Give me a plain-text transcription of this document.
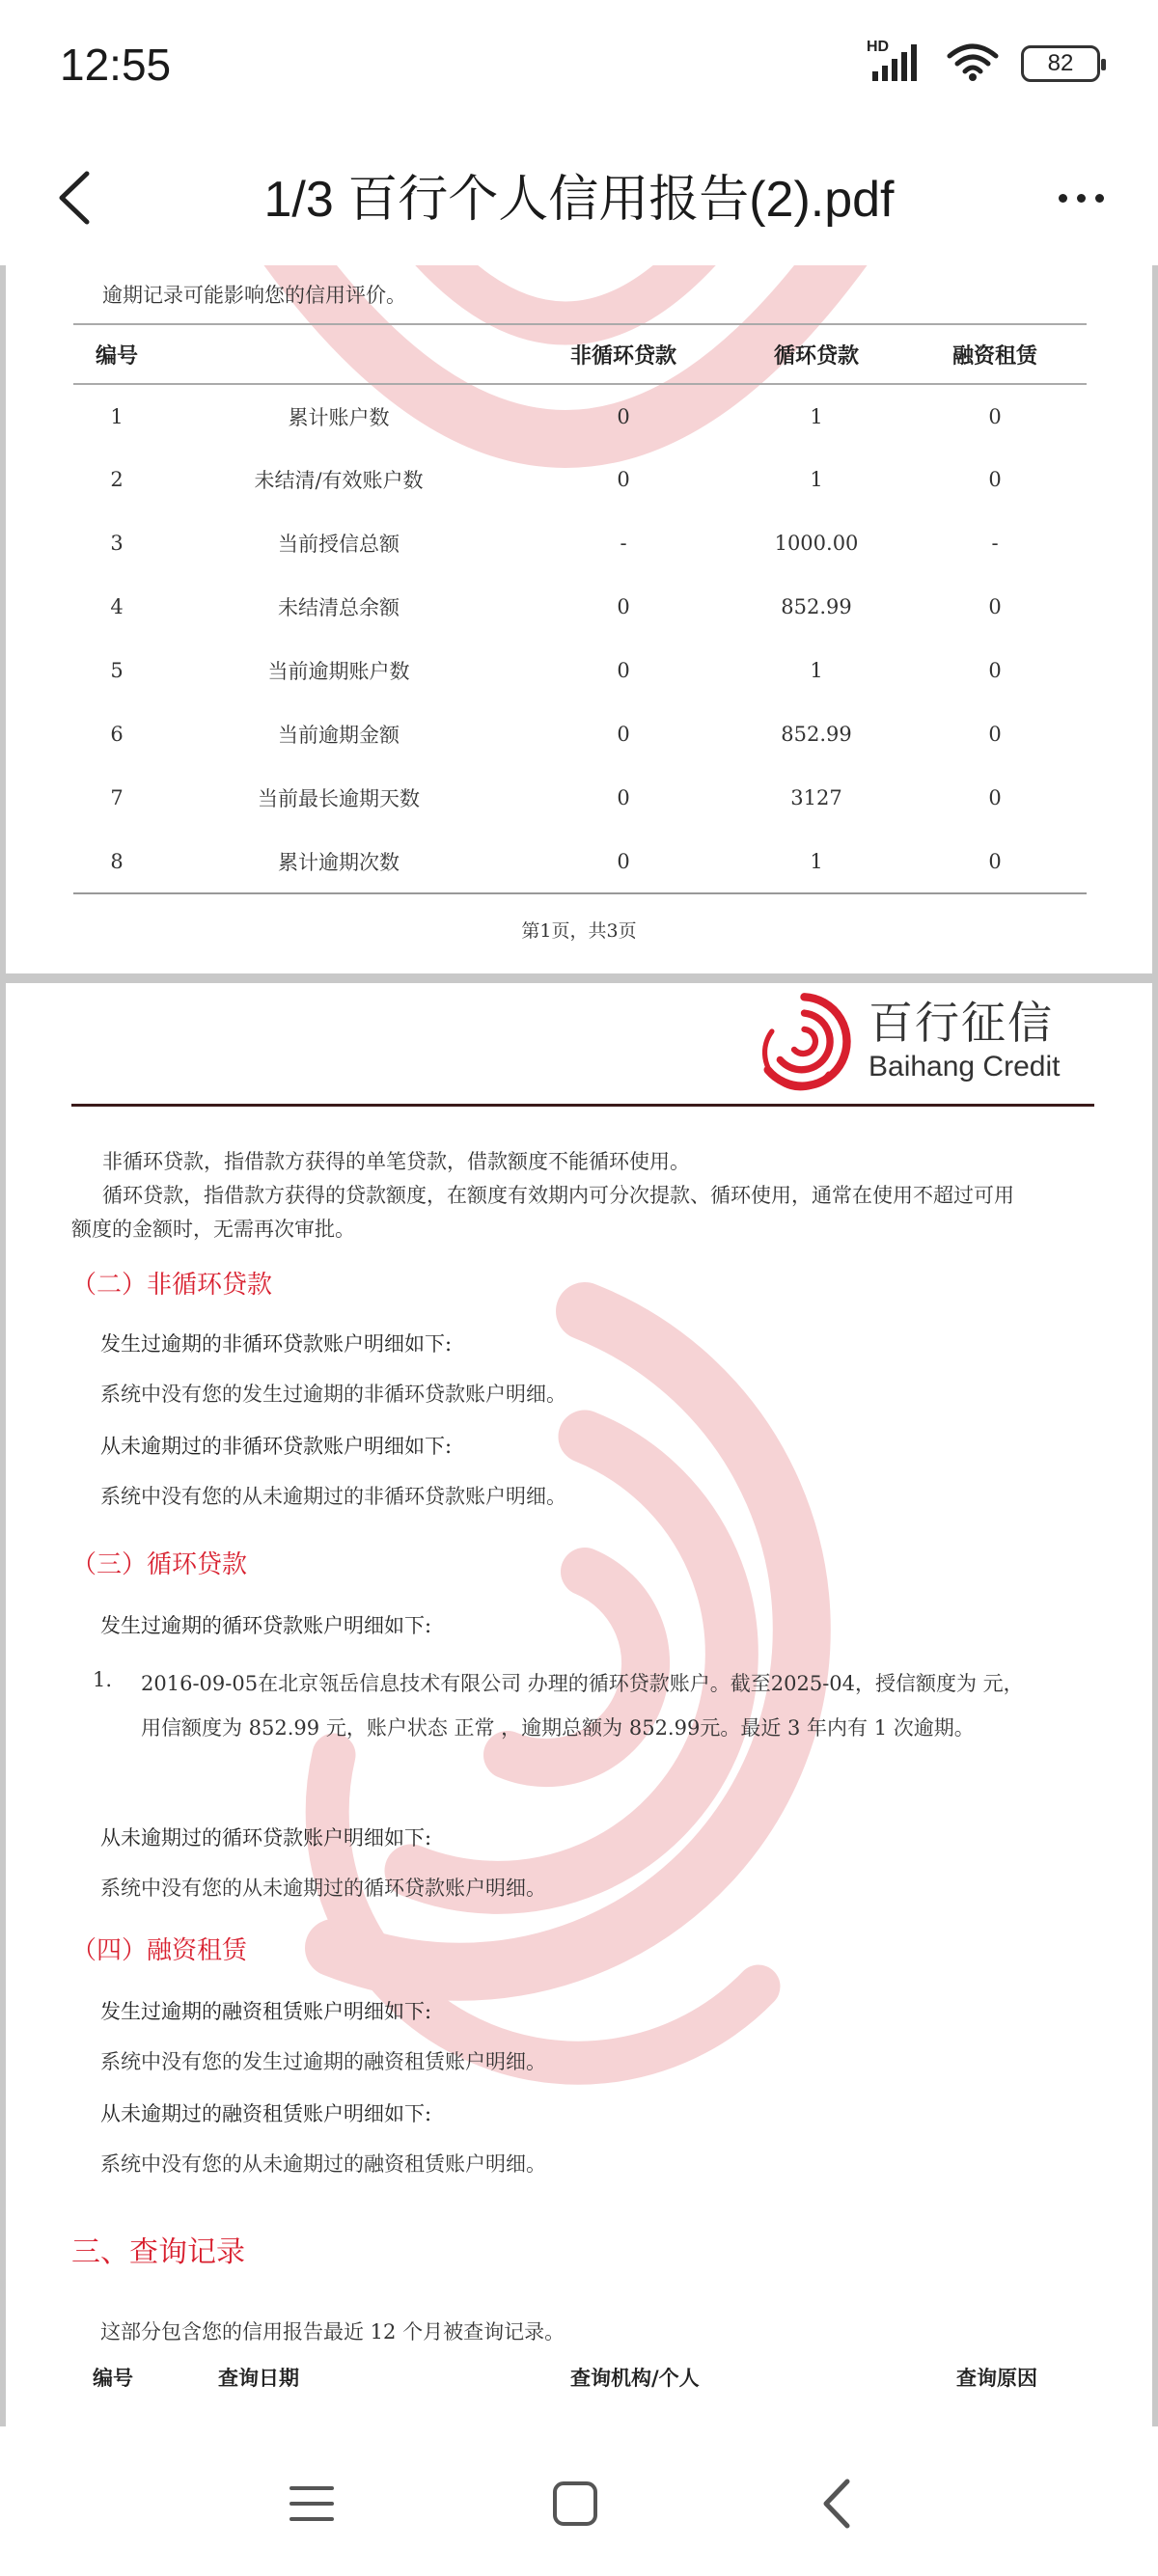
12:55	HD
82
1/3 百行个人信用报告(2).pdf
逾期记录可能影响您的信用评价。
编号		非循环贷款	循环贷款	融资租赁
1	累计账户数	0	1	0
2	未结清/有效账户数	0	1	0
3	当前授信总额	-	1000.00	-
4	未结清总余额	0	852.99	0
5	当前逾期账户数	0	1	0
6	当前逾期金额	0	852.99	0
7	当前最长逾期天数	0	3127	0
8	累计逾期次数	0	1	0
第1页，共3页
百行征信
Baihang Credit
非循环贷款，指借款方获得的单笔贷款，借款额度不能循环使用。
循环贷款，指借款方获得的贷款额度，在额度有效期内可分次提款、循环使用，通常在使用不超过可用
额度的金额时，无需再次审批。
（二）非循环贷款
发生过逾期的非循环贷款账户明细如下:
系统中没有您的发生过逾期的非循环贷款账户明细。
从未逾期过的非循环贷款账户明细如下:
系统中没有您的从未逾期过的非循环贷款账户明细。
（三）循环贷款
发生过逾期的循环贷款账户明细如下:
1. 2016-09-05在北京瓴岳信息技术有限公司 办理的循环贷款账户。截至2025-04，授信额度为 元，
用信额度为 852.99 元，账户状态 正常 ，逾期总额为 852.99元。最近 3 年内有 1 次逾期。
从未逾期过的循环贷款账户明细如下:
系统中没有您的从未逾期过的循环贷款账户明细。
（四）融资租赁
发生过逾期的融资租赁账户明细如下:
系统中没有您的发生过逾期的融资租赁账户明细。
从未逾期过的融资租赁账户明细如下:
系统中没有您的从未逾期过的融资租赁账户明细。
三、查询记录
这部分包含您的信用报告最近 12 个月被查询记录。
编号	查询日期	查询机构/个人	查询原因
